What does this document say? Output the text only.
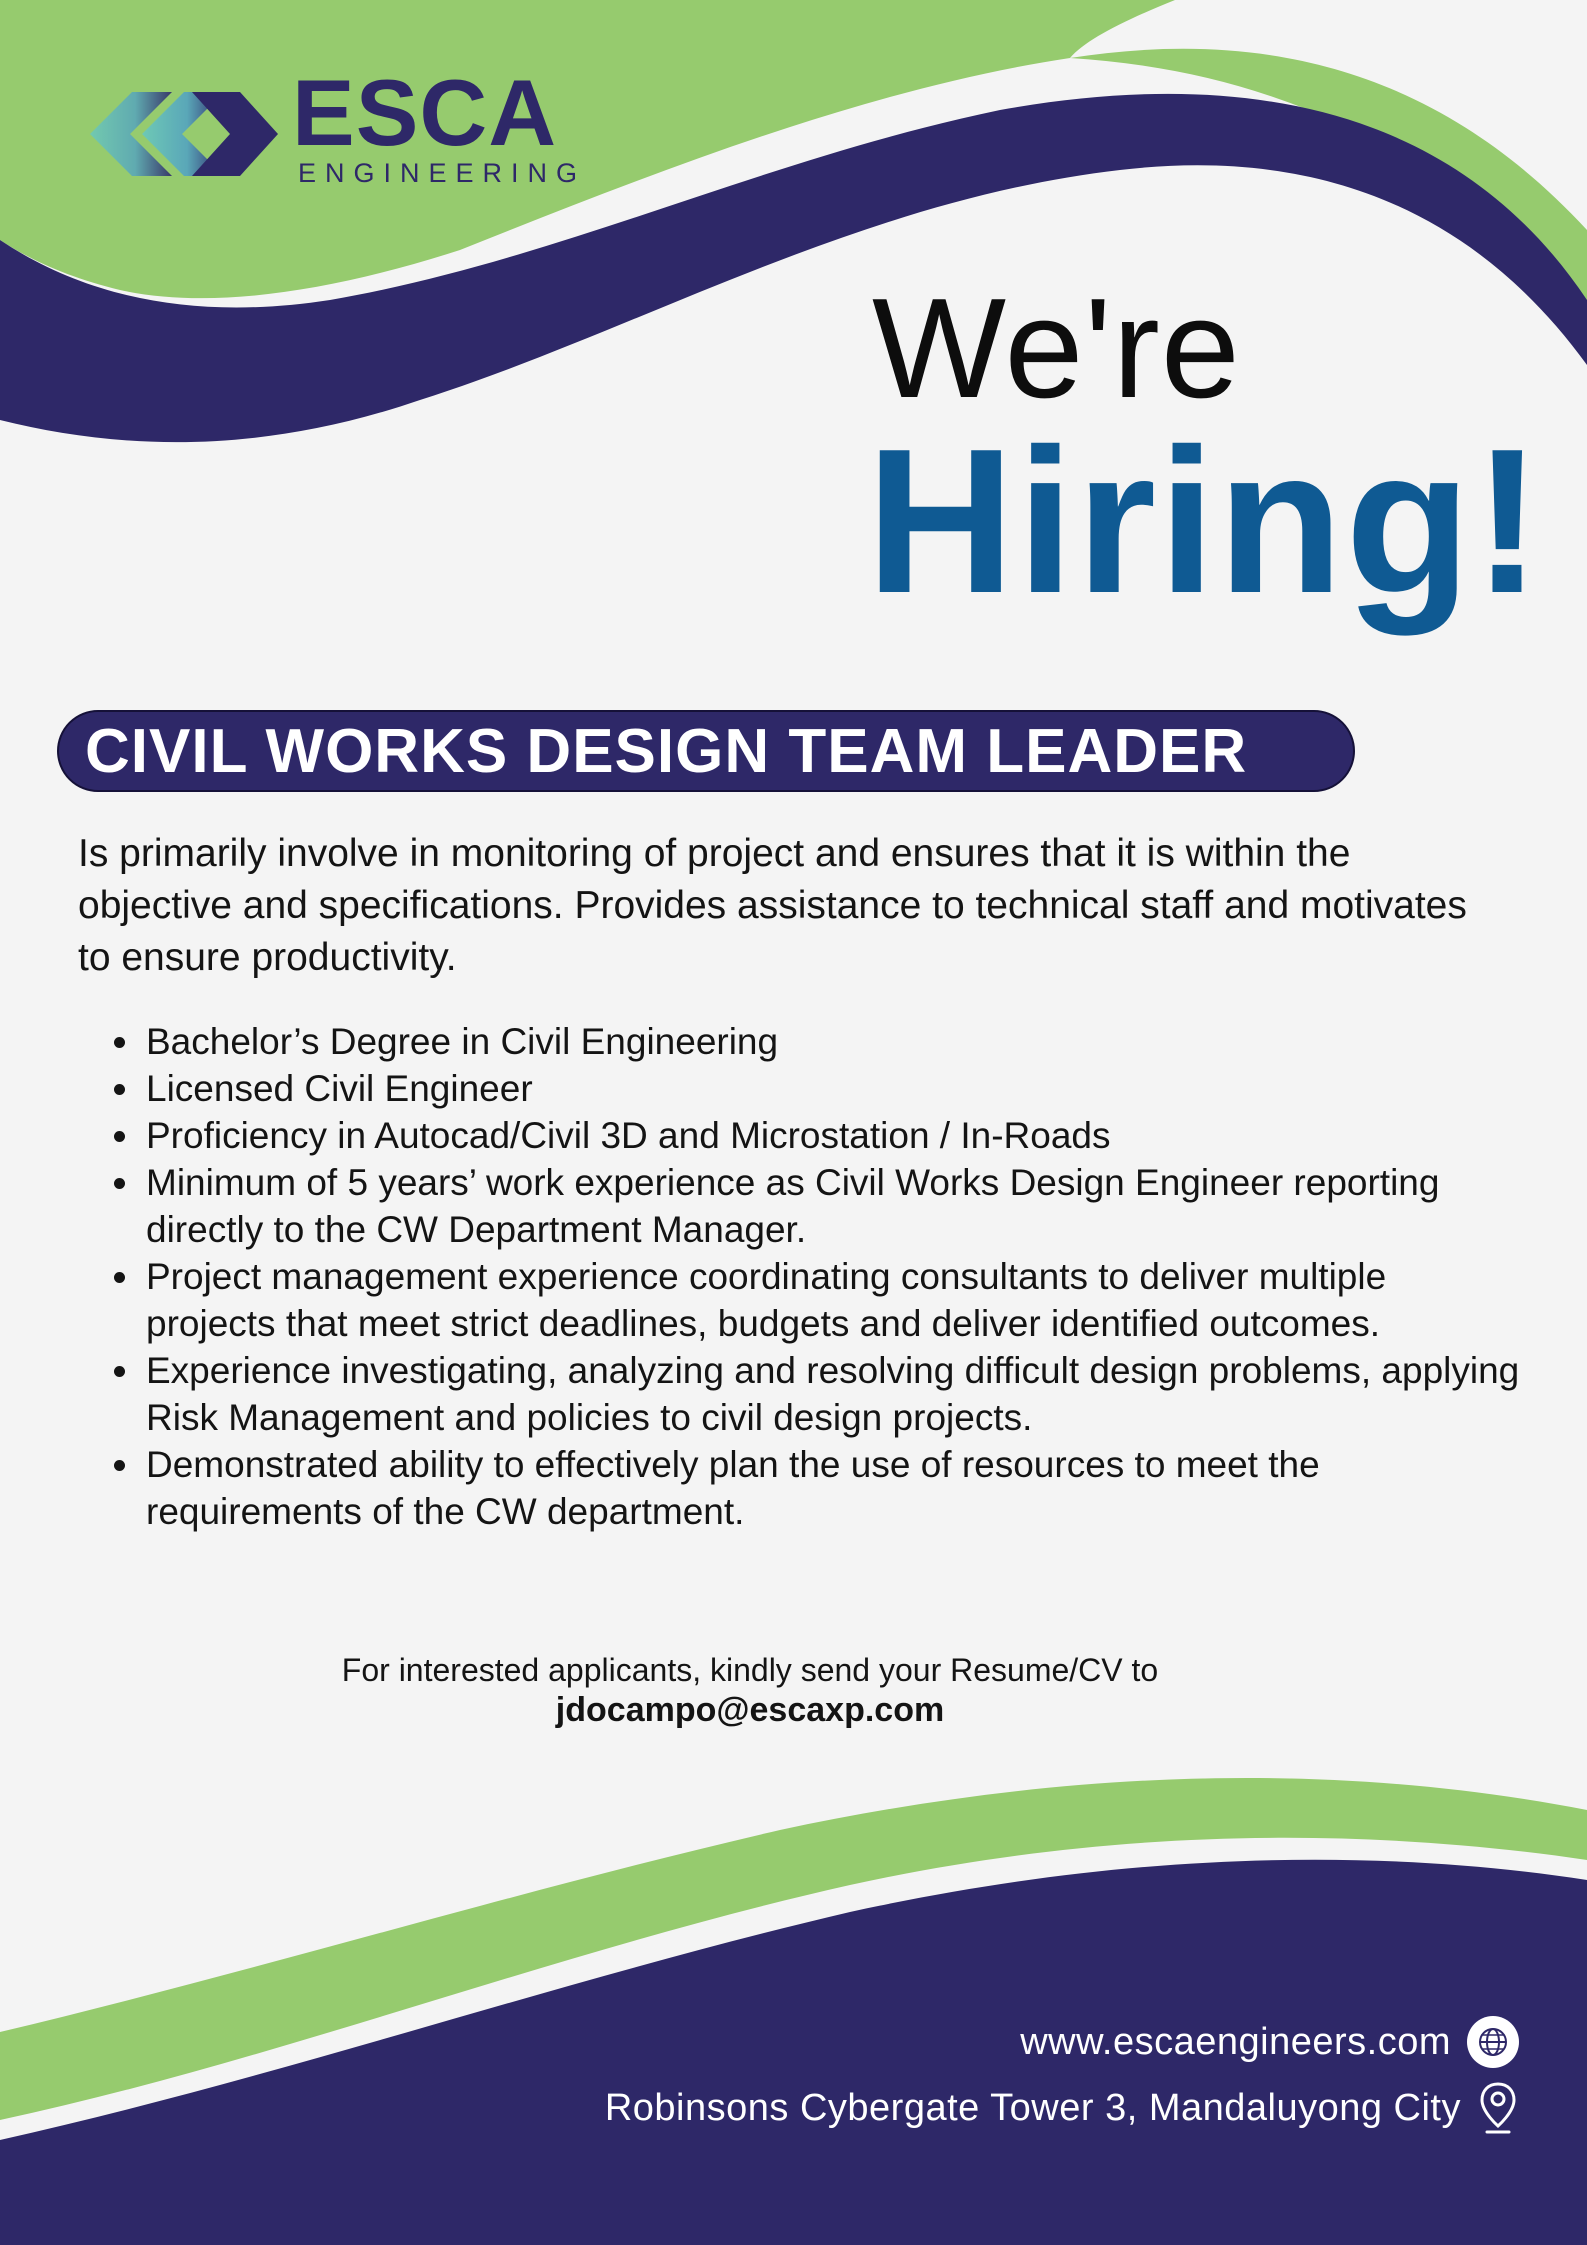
ESCA
ENGINEERING
We're
Hiring!
CIVIL WORKS DESIGN TEAM LEADER

Is primarily involve in monitoring of project and ensures that it is within the objective and specifications. Provides assistance to technical staff and motivates to ensure productivity.

Bachelor’s Degree in Civil Engineering
Licensed Civil Engineer
Proficiency in Autocad/Civil 3D and Microstation / In-Roads
Minimum of 5 years’ work experience as Civil Works Design Engineer reporting directly to the CW Department Manager.
Project management experience coordinating consultants to deliver multiple projects that meet strict deadlines, budgets and deliver identified outcomes.
Experience investigating, analyzing and resolving difficult design problems, applying Risk Management and policies to civil design projects.
Demonstrated ability to effectively plan the use of resources to meet the requirements of the CW department.
For interested applicants, kindly send your Resume/CV to
jdocampo@escaxp.com
www.escaengineers.com
Robinsons Cybergate Tower 3, Mandaluyong City
